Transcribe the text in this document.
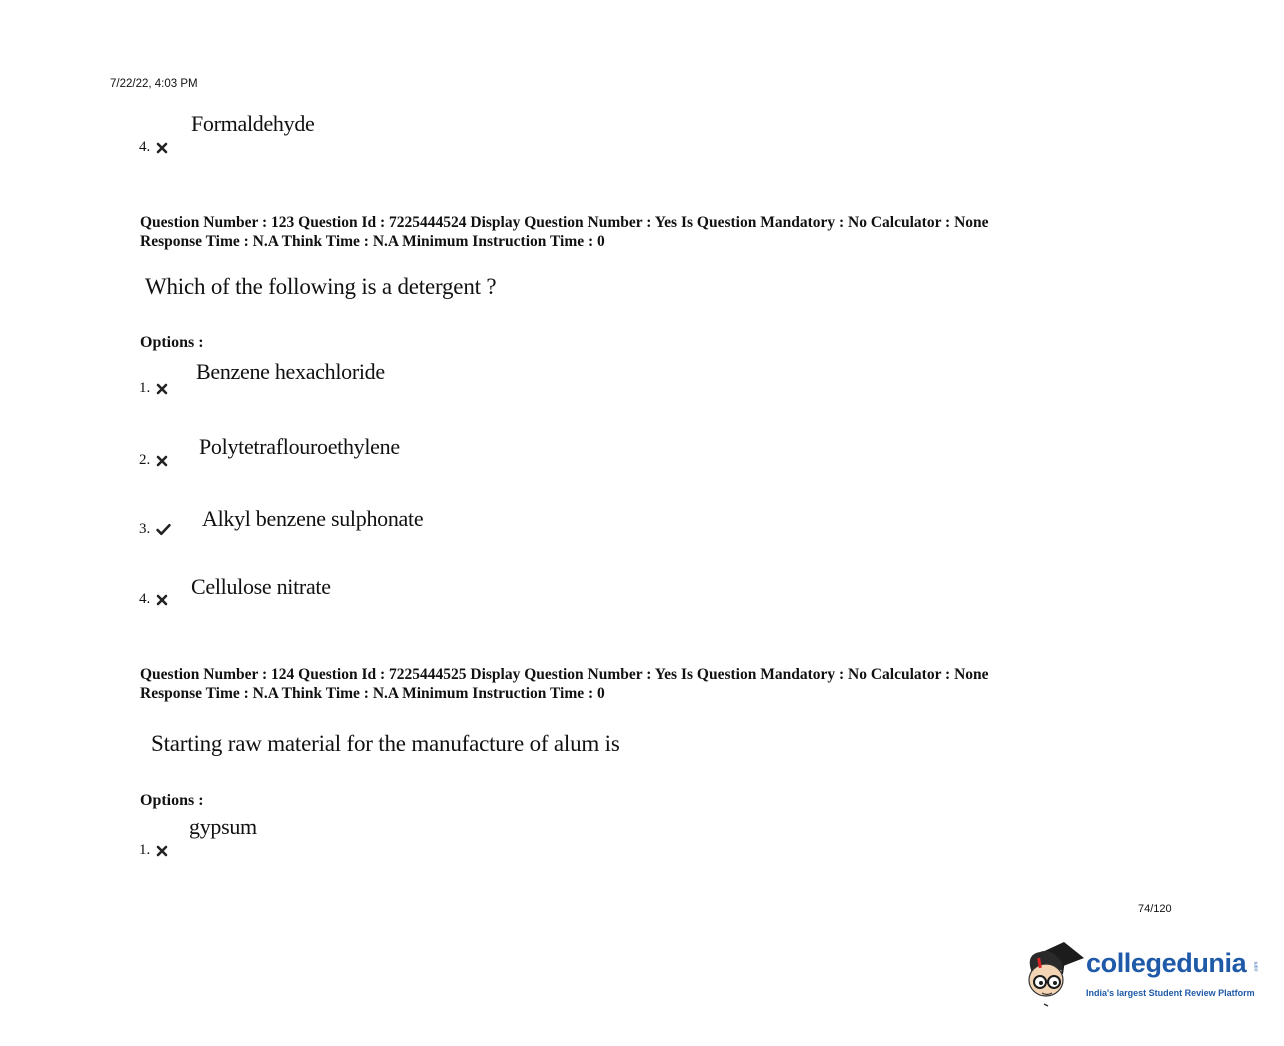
7/22/22, 4:03 PM
Formaldehyde
4.
Question Number : 123 Question Id : 7225444524 Display Question Number : Yes Is Question Mandatory : No Calculator : None
Response Time : N.A Think Time : N.A Minimum Instruction Time : 0
Which of the following is a detergent ?
Options :
Benzene hexachloride
1.
Polytetraflouroethylene
2.
Alkyl benzene sulphonate
3.
Cellulose nitrate
4.
Question Number : 124 Question Id : 7225444525 Display Question Number : Yes Is Question Mandatory : No Calculator : None
Response Time : N.A Think Time : N.A Minimum Instruction Time : 0
Starting raw material for the manufacture of alum is
Options :
gypsum
1.
74/120
collegedunia .com
India's largest Student Review Platform
